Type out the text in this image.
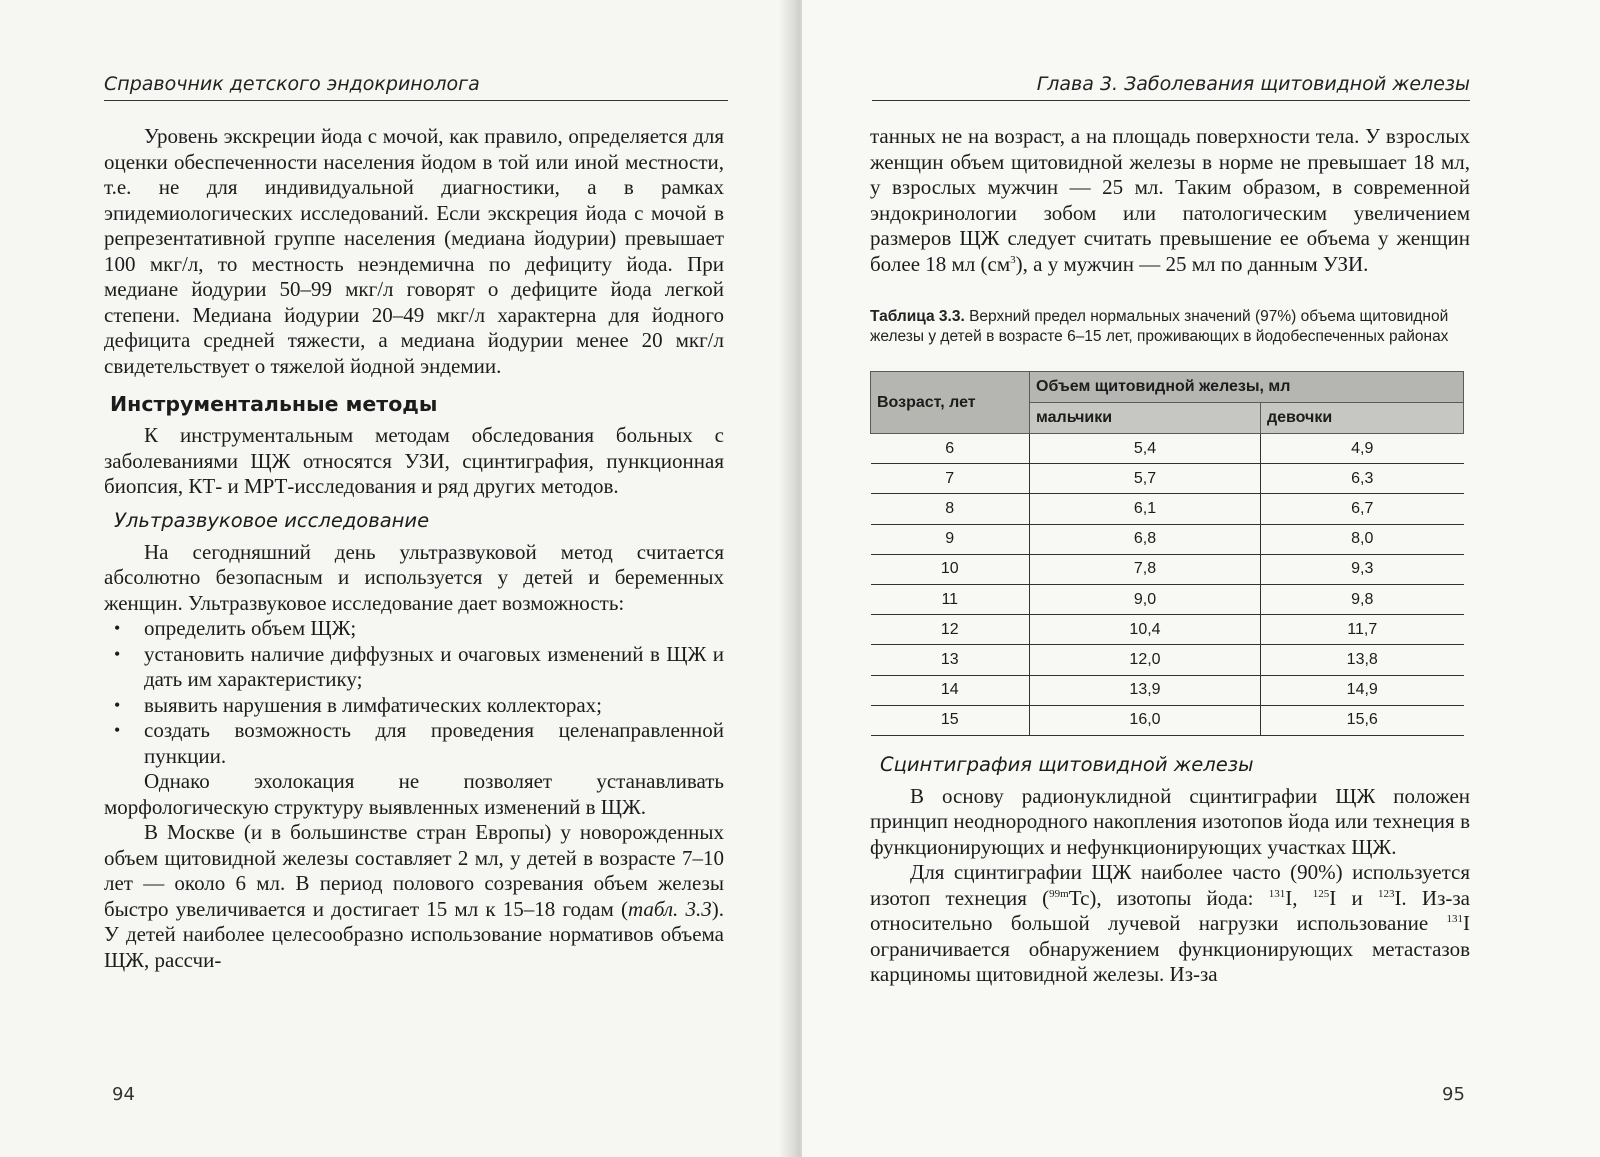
Справочник детского эндокринолога

Уровень экскреции йода с мочой, как правило, определяется для оценки обеспеченности населения йодом в той или иной местности, т.е. не для индивидуальной диагностики, а в рамках эпидемиологических исследований. Если экскреция йода с мочой в репрезентативной группе населения (медиана йодурии) превышает 100 мкг/л, то местность неэндемична по дефициту йода. При медиане йодурии 50–99 мкг/л говорят о дефиците йода легкой степени. Медиана йодурии 20–49 мкг/л характерна для йодного дефицита средней тяжести, а медиана йодурии менее 20 мкг/л свидетельствует о тяжелой йодной эндемии.

Инструментальные методы

К инструментальным методам обследования больных с заболеваниями ЩЖ относятся УЗИ, сцинтиграфия, пункционная биопсия, КТ- и МРТ-исследования и ряд других методов.

Ультразвуковое исследование

На сегодняшний день ультразвуковой метод считается абсолютно безопасным и используется у детей и беременных женщин. Ультразвуковое исследование дает возможность:

• определить объем ЩЖ;
• установить наличие диффузных и очаговых изменений в ЩЖ и дать им характеристику;
• выявить нарушения в лимфатических коллекторах;
• создать возможность для проведения целенаправленной пункции.

Однако эхолокация не позволяет устанавливать морфологическую структуру выявленных изменений в ЩЖ.

В Москве (и в большинстве стран Европы) у новорожденных объем щитовидной железы составляет 2 мл, у детей в возрасте 7–10 лет — около 6 мл. В период полового созревания объем железы быстро увеличивается и достигает 15 мл к 15–18 годам (табл. 3.3). У детей наиболее целесообразно использование нормативов объема ЩЖ, рассчи-

94
Глава 3. Заболевания щитовидной железы

танных не на возраст, а на площадь поверхности тела. У взрослых женщин объем щитовидной железы в норме не превышает 18 мл, у взрослых мужчин — 25 мл. Таким образом, в современной эндокринологии зобом или патологическим увеличением размеров ЩЖ следует считать превышение ее объема у женщин более 18 мл $(см^3)$, а у мужчин — 25 мл по данным УЗИ.

Таблица 3.3. Верхний предел нормальных значений (97%) объема щитовидной железы у детей в возрасте 6–15 лет, проживающих в йодобеспеченных районах
Возраст, лет	Объем щитовидной железы, мл	
	мальчики	девочки
6	5,4	4,9
7	5,7	6,3
8	6,1	6,7
9	6,8	8,0
10	7,8	9,3
11	9,0	9,8
12	10,4	11,7
13	12,0	13,8
14	13,9	14,9
15	16,0	15,6
Сцинтиграфия щитовидной железы

В основу радионуклидной сцинтиграфии ЩЖ положен принцип неоднородного накопления изотопов йода или технеция в функционирующих и нефункционирующих участках ЩЖ.

Для сцинтиграфии ЩЖ наиболее часто (90%) используется изотоп технеция ($^{99m}$Tc), изотопы йода: $^{131}$I, $^{125}$I и $^{123}$I. Из-за относительно большой лучевой нагрузки использование $^{131}$I ограничивается обнаружением функционирующих метастазов карциномы щитовидной железы. Из-за

95
